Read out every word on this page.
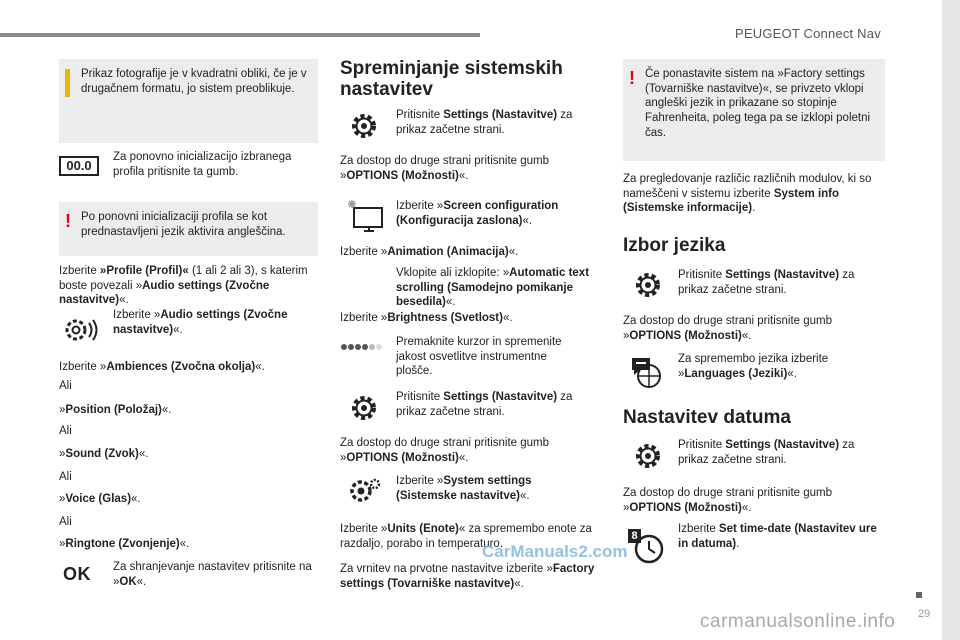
PEUGEOT Connect Nav

Prikaz fotografije je v kvadratni obliki, če je v drugačnem formatu, jo sistem preoblikuje.

00.0
Za ponovno inicializacijo izbranega profila pritisnite ta gumb.
! Po ponovni inicializaciji profila se kot prednastavljeni jezik aktivira angleščina.

Izberite »Profile (Profil)« (1 ali 2 ali 3), s katerim boste povezali »Audio settings (Zvočne nastavitve)«.
Izberite »Audio settings (Zvočne nastavitve)«.
Izberite »Ambiences (Zvočna okolja)«.
Ali
»Position (Položaj)«.
Ali
»Sound (Zvok)«.
Ali
»Voice (Glas)«.
Ali
»Ringtone (Zvonjenje)«.
OK Za shranjevanje nastavitev pritisnite na »OK«.
Spreminjanje sistemskih nastavitev
Pritisnite Settings (Nastavitve) za prikaz začetne strani.
Za dostop do druge strani pritisnite gumb »OPTIONS (Možnosti)«.
Izberite »Screen configuration (Konfiguracija zaslona)«.
Izberite »Animation (Animacija)«.
Vklopite ali izklopite: »Automatic text scrolling (Samodejno pomikanje besedila)«.
Izberite »Brightness (Svetlost)«.
Premaknite kurzor in spremenite jakost osvetlitve instrumentne plošče.
Pritisnite Settings (Nastavitve) za prikaz začetne strani.
Za dostop do druge strani pritisnite gumb »OPTIONS (Možnosti)«.
Izberite »System settings (Sistemske nastavitve)«.
Izberite »Units (Enote)« za spremembo enote za razdaljo, porabo in temperaturo.
Za vrnitev na prvotne nastavitve izberite »Factory settings (Tovarniške nastavitve)«.
! Če ponastavite sistem na »Factory settings (Tovarniške nastavitve)«, se privzeto vklopi angleški jezik in prikazane so stopinje Fahrenheita, poleg tega pa se izklopi poletni čas.

Za pregledovanje različic različnih modulov, ki so nameščeni v sistemu izberite System info (Sistemske informacije).
Izbor jezika
Pritisnite Settings (Nastavitve) za prikaz začetne strani.
Za dostop do druge strani pritisnite gumb »OPTIONS (Možnosti)«.
Za spremembo jezika izberite »Languages (Jeziki)«.
Nastavitev datuma
Pritisnite Settings (Nastavitve) za prikaz začetne strani.
Za dostop do druge strani pritisnite gumb »OPTIONS (Možnosti)«.
8
Izberite Set time-date (Nastavitev ure in datuma).
29
CarManuals2.com
carmanualsonline.info
